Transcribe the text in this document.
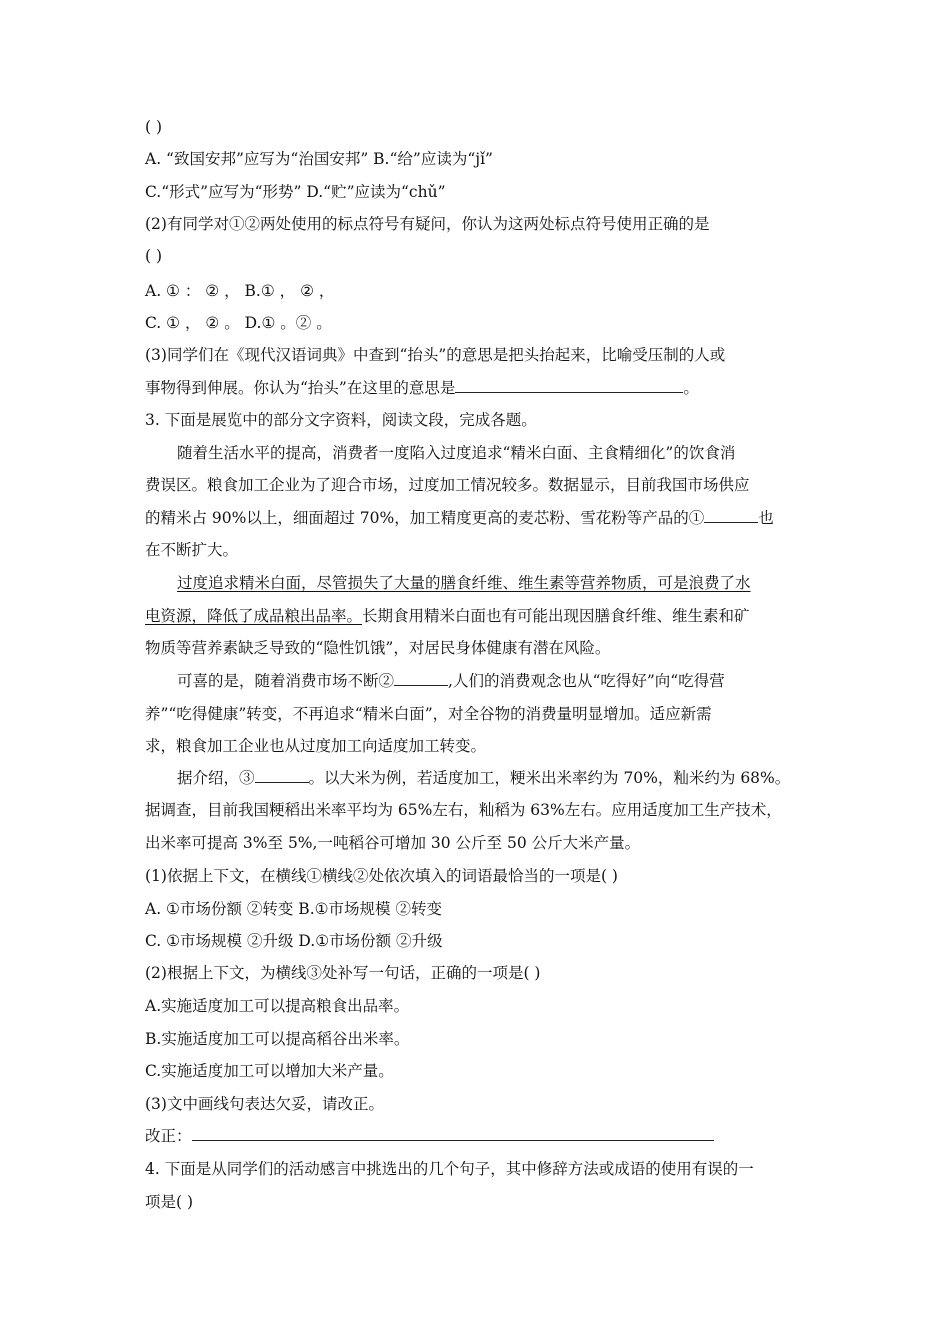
( )
A. “致国安邦”应写为“治国安邦” B.“给”应读为“jǐ”
C.“形式”应写为“形势” D.“贮”应读为“chǔ”
(2)有同学对①②两处使用的标点符号有疑问，你认为这两处标点符号使用正确的是
( )
A. ① ： ② ， B.① ， ② ，
C. ① ， ② 。 D.① 。② 。
(3)同学们在《现代汉语词典》中查到“抬头”的意思是把头抬起来，比喻受压制的人或
事物得到伸展。你认为“抬头”在这里的意思是	。
3. 下面是展览中的部分文字资料，阅读文段，完成各题。
随着生活水平的提高，消费者一度陷入过度追求“精米白面、主食精细化”的饮食消
费误区。粮食加工企业为了迎合市场，过度加工情况较多。数据显示，目前我国市场供应
的精米占 90%以上，细面超过 70%，加工精度更高的麦芯粉、雪花粉等产品的①	也
在不断扩大。
过度追求精米白面，尽管损失了大量的膳食纤维、维生素等营养物质，可是浪费了水
电资源，降低了成品粮出品率。长期食用精米白面也有可能出现因膳食纤维、维生素和矿
物质等营养素缺乏导致的“隐性饥饿”，对居民身体健康有潜在风险。
可喜的是，随着消费市场不断②	,人们的消费观念也从“吃得好”向“吃得营
养”“吃得健康”转变，不再追求“精米白面”，对全谷物的消费量明显增加。适应新需
求，粮食加工企业也从过度加工向适度加工转变。
据介绍，③	。以大米为例，若适度加工，粳米出米率约为 70%，籼米约为 68%。
据调查，目前我国粳稻出米率平均为 65%左右，籼稻为 63%左右。应用适度加工生产技术，
出米率可提高 3%至 5%,一吨稻谷可增加 30 公斤至 50 公斤大米产量。
(1)依据上下文，在横线①横线②处依次填入的词语最恰当的一项是( )
A. ①市场份额 ②转变 B.①市场规模 ②转变
C. ①市场规模 ②升级 D.①市场份额 ②升级
(2)根据上下文，为横线③处补写一句话，正确的一项是( )
A.实施适度加工可以提高粮食出品率。
B.实施适度加工可以提高稻谷出米率。
C.实施适度加工可以增加大米产量。
(3)文中画线句表达欠妥，请改正。
改正：
4. 下面是从同学们的活动感言中挑选出的几个句子，其中修辞方法或成语的使用有误的一
项是( )
